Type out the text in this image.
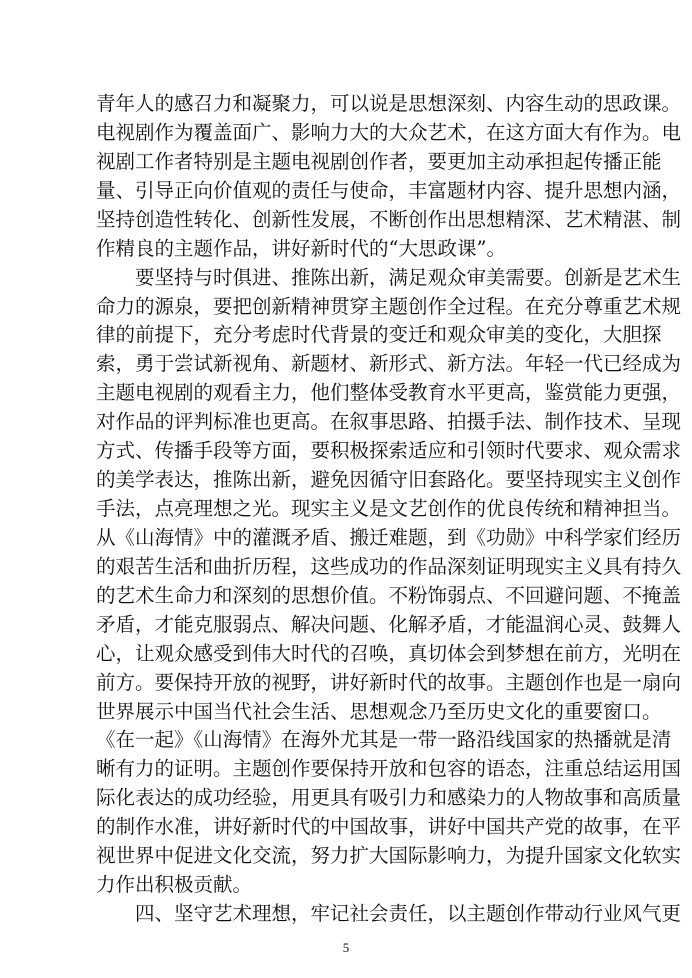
青年人的感召力和凝聚力，可以说是思想深刻、内容生动的思政课。
电视剧作为覆盖面广、影响力大的大众艺术，在这方面大有作为。电
视剧工作者特别是主题电视剧创作者，要更加主动承担起传播正能
量、引导正向价值观的责任与使命，丰富题材内容、提升思想内涵，
坚持创造性转化、创新性发展，不断创作出思想精深、艺术精湛、制
作精良的主题作品，讲好新时代的“大思政课”。
要坚持与时俱进、推陈出新，满足观众审美需要。创新是艺术生
命力的源泉，要把创新精神贯穿主题创作全过程。在充分尊重艺术规
律的前提下，充分考虑时代背景的变迁和观众审美的变化，大胆探
索，勇于尝试新视角、新题材、新形式、新方法。年轻一代已经成为
主题电视剧的观看主力，他们整体受教育水平更高，鉴赏能力更强，
对作品的评判标准也更高。在叙事思路、拍摄手法、制作技术、呈现
方式、传播手段等方面，要积极探索适应和引领时代要求、观众需求
的美学表达，推陈出新，避免因循守旧套路化。要坚持现实主义创作
手法，点亮理想之光。现实主义是文艺创作的优良传统和精神担当。
从《山海情》中的灌溉矛盾、搬迁难题，到《功勋》中科学家们经历
的艰苦生活和曲折历程，这些成功的作品深刻证明现实主义具有持久
的艺术生命力和深刻的思想价值。不粉饰弱点、不回避问题、不掩盖
矛盾，才能克服弱点、解决问题、化解矛盾，才能温润心灵、鼓舞人
心，让观众感受到伟大时代的召唤，真切体会到梦想在前方，光明在
前方。要保持开放的视野，讲好新时代的故事。主题创作也是一扇向
世界展示中国当代社会生活、思想观念乃至历史文化的重要窗口。
《在一起》《山海情》在海外尤其是一带一路沿线国家的热播就是清
晰有力的证明。主题创作要保持开放和包容的语态，注重总结运用国
际化表达的成功经验，用更具有吸引力和感染力的人物故事和高质量
的制作水准，讲好新时代的中国故事，讲好中国共产党的故事，在平
视世界中促进文化交流，努力扩大国际影响力，为提升国家文化软实
力作出积极贡献。
四、坚守艺术理想，牢记社会责任，以主题创作带动行业风气更
5
